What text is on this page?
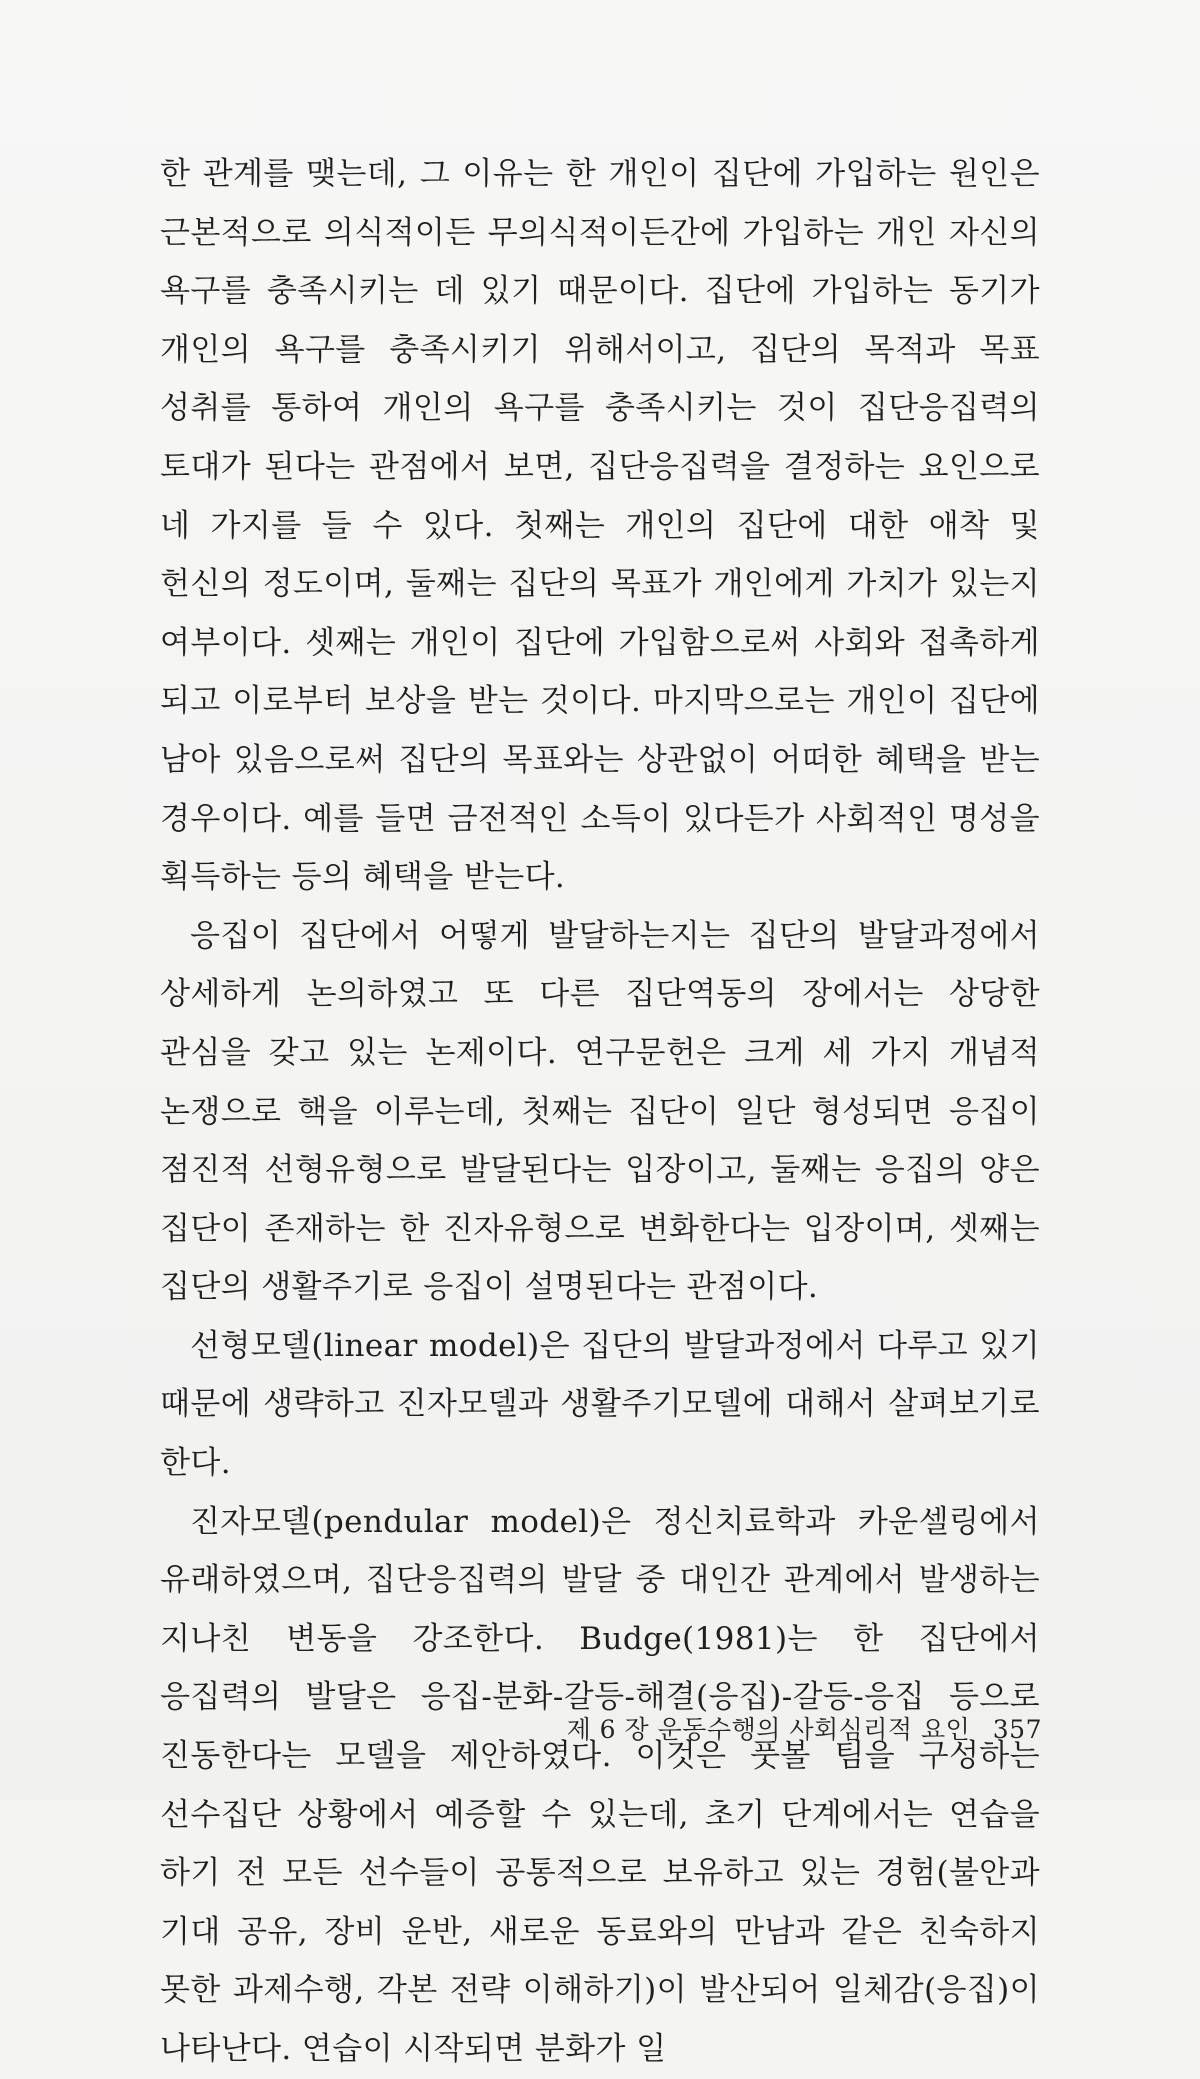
한 관계를 맺는데, 그 이유는 한 개인이 집단에 가입하는 원인은 근본적으로 의식적이든 무의식적이든간에 가입하는 개인 자신의 욕구를 충족시키는 데 있기 때문이다. 집단에 가입하는 동기가 개인의 욕구를 충족시키기 위해서이고, 집단의 목적과 목표 성취를 통하여 개인의 욕구를 충족시키는 것이 집단응집력의 토대가 된다는 관점에서 보면, 집단응집력을 결정하는 요인으로 네 가지를 들 수 있다. 첫째는 개인의 집단에 대한 애착 및 헌신의 정도이며, 둘째는 집단의 목표가 개인에게 가치가 있는지 여부이다. 셋째는 개인이 집단에 가입함으로써 사회와 접촉하게 되고 이로부터 보상을 받는 것이다. 마지막으로는 개인이 집단에 남아 있음으로써 집단의 목표와는 상관없이 어떠한 혜택을 받는 경우이다. 예를 들면 금전적인 소득이 있다든가 사회적인 명성을 획득하는 등의 혜택을 받는다.

응집이 집단에서 어떻게 발달하는지는 집단의 발달과정에서 상세하게 논의하였고 또 다른 집단역동의 장에서는 상당한 관심을 갖고 있는 논제이다. 연구문헌은 크게 세 가지 개념적 논쟁으로 핵을 이루는데, 첫째는 집단이 일단 형성되면 응집이 점진적 선형유형으로 발달된다는 입장이고, 둘째는 응집의 양은 집단이 존재하는 한 진자유형으로 변화한다는 입장이며, 셋째는 집단의 생활주기로 응집이 설명된다는 관점이다.

선형모델(linear model)은 집단의 발달과정에서 다루고 있기 때문에 생략하고 진자모델과 생활주기모델에 대해서 살펴보기로 한다.

진자모델(pendular model)은 정신치료학과 카운셀링에서 유래하였으며, 집단응집력의 발달 중 대인간 관계에서 발생하는 지나친 변동을 강조한다. Budge(1981)는 한 집단에서 응집력의 발달은 응집-분화-갈등-해결(응집)-갈등-응집 등으로 진동한다는 모델을 제안하였다. 이것은 풋볼 팀을 구성하는 선수집단 상황에서 예증할 수 있는데, 초기 단계에서는 연습을 하기 전 모든 선수들이 공통적으로 보유하고 있는 경험(불안과 기대 공유, 장비 운반, 새로운 동료와의 만남과 같은 친숙하지 못한 과제수행, 각본 전략 이해하기)이 발산되어 일체감(응집)이 나타난다. 연습이 시작되면 분화가 일

제 6 장 운동수행의 사회심리적 요인 357
